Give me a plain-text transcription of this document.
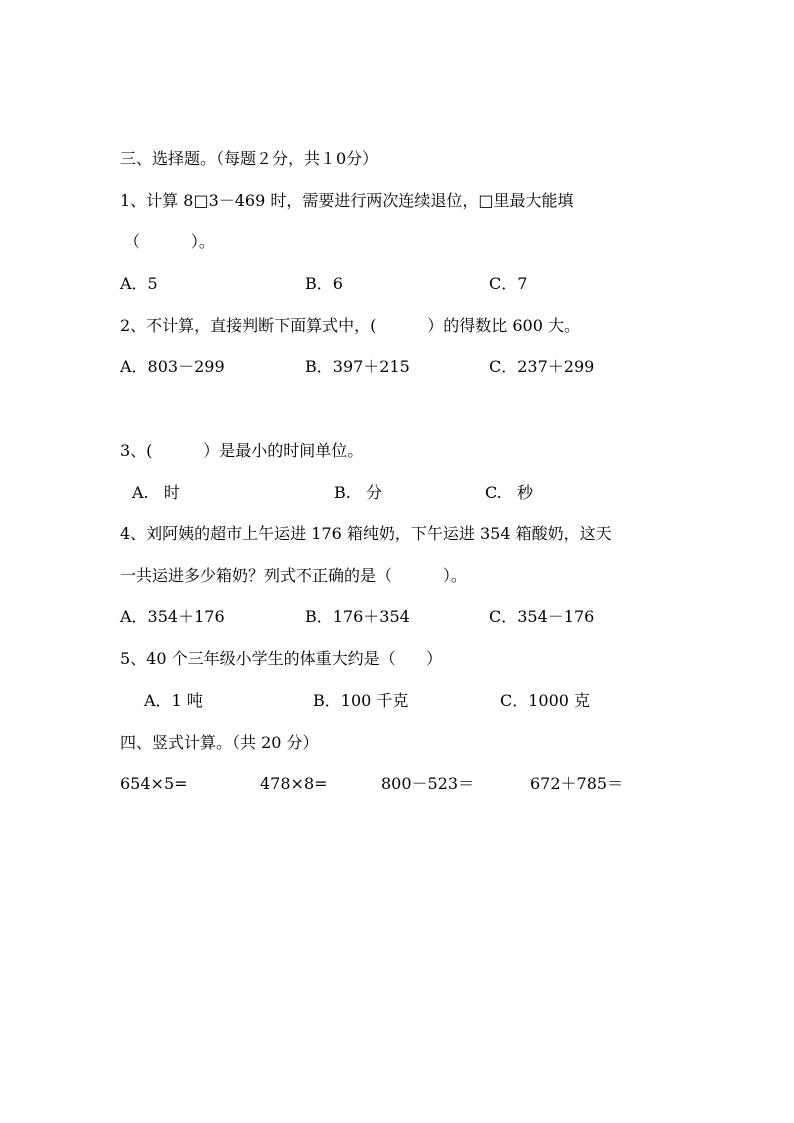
三、选择题。（每题２分，共１0分）
1、计算 8□3－469 时，需要进行两次连续退位，□里最大能填
（          ）。
A．5	B．6	C．7
2、不计算，直接判断下面算式中，(          ）的得数比 600 大。
A．803－299	B．397＋215	C．237＋299
3、(          ）是最小的时间单位。
A.   时	B.   分	C.   秒
4、刘阿姨的超市上午运进 176 箱纯奶，下午运进 354 箱酸奶，这天
一共运进多少箱奶？列式不正确的是（          ）。
A．354＋176	B．176＋354	C．354－176
5、40 个三年级小学生的体重大约是（      ）
A．1 吨	B．100 千克	C．1000 克
四、竖式计算。（共 20 分）
654×5=	478×8=	800－523＝	672＋785＝
